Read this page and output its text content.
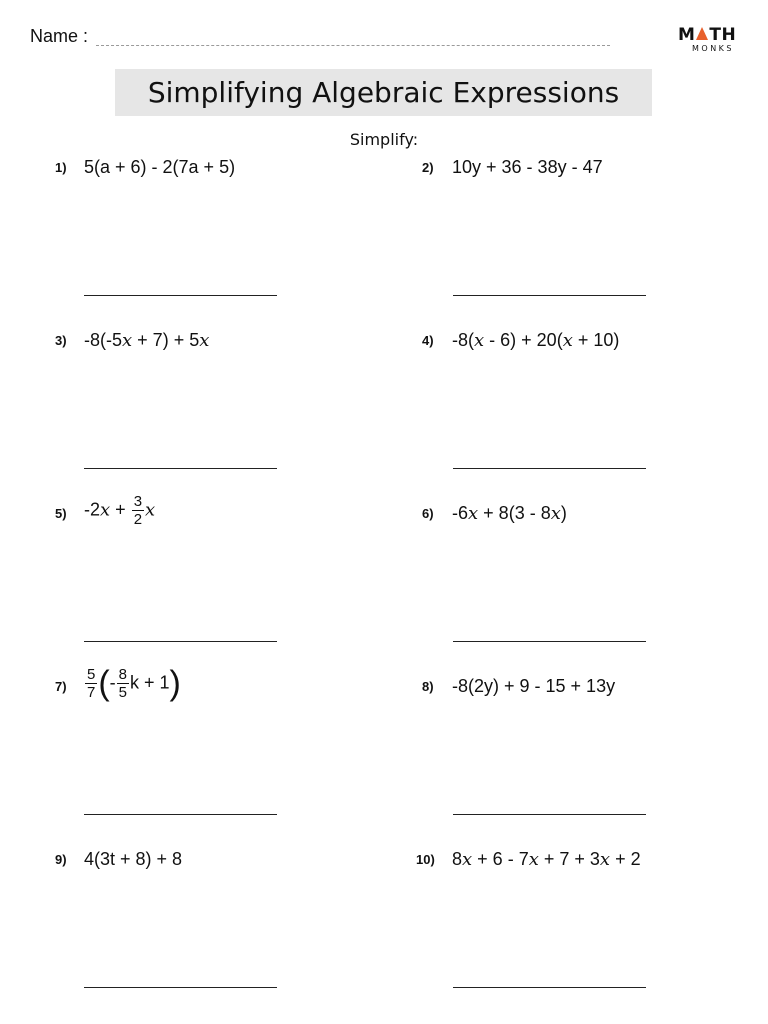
Name :	M TH
MONKS
Simplifying Algebraic Expressions
Simplify:
1) 5(a + 6) - 2(7a + 5)	2) 10y + 36 - 38y - 47
3) -8(-5x + 7) + 5x	4) -8(x - 6) + 20(x + 10)
5) $-2x + \frac{3}{2}$ x	6) -6x + 8(3 - 8x)
$7) \frac{5}{7}$ (- $\frac{8}{5}$ k + 1)	8) -8(2y) + 9 - 15 + 13y
9) 4(3t + 8) + 8	10) 8x + 6 - 7x + 7 + 3x + 2
